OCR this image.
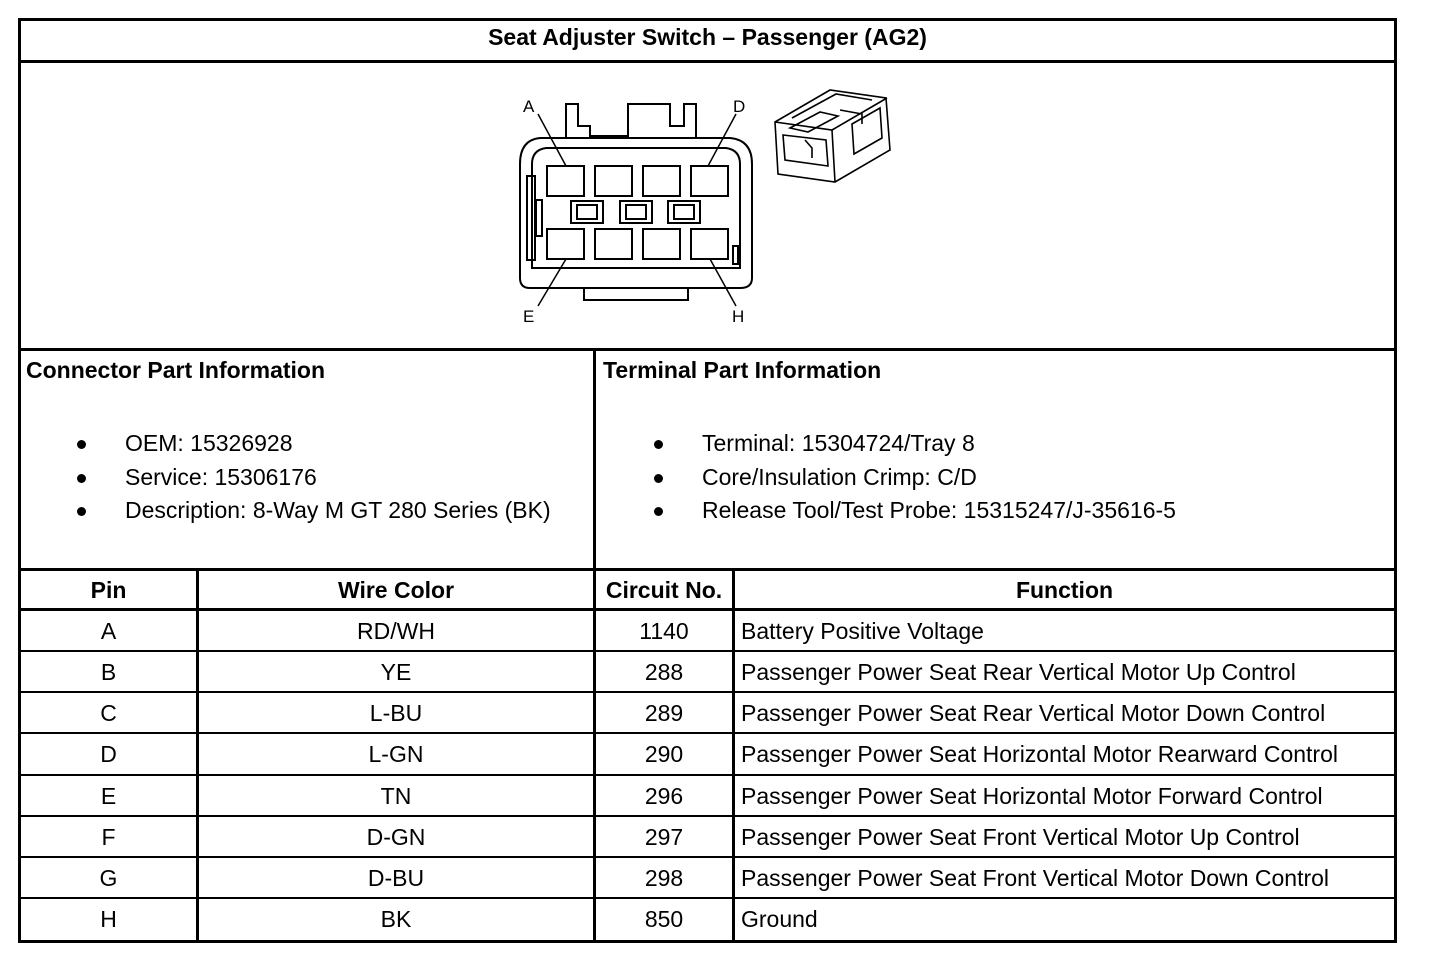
Seat Adjuster Switch – Passenger (AG2)
A	D
E	H
Connector Part Information
OEM: 15326928
Service: 15306176
Description: 8-Way M GT 280 Series (BK)
Terminal Part Information
Terminal: 15304724/Tray 8
Core/Insulation Crimp: C/D
Release Tool/Test Probe: 15315247/J-35616-5
Pin	Wire Color	Circuit No.	Function
A	RD/WH	1140	Battery Positive Voltage
B	YE	288	Passenger Power Seat Rear Vertical Motor Up Control
C	L-BU	289	Passenger Power Seat Rear Vertical Motor Down Control
D	L-GN	290	Passenger Power Seat Horizontal Motor Rearward Control
E	TN	296	Passenger Power Seat Horizontal Motor Forward Control
F	D-GN	297	Passenger Power Seat Front Vertical Motor Up Control
G	D-BU	298	Passenger Power Seat Front Vertical Motor Down Control
H	BK	850	Ground
